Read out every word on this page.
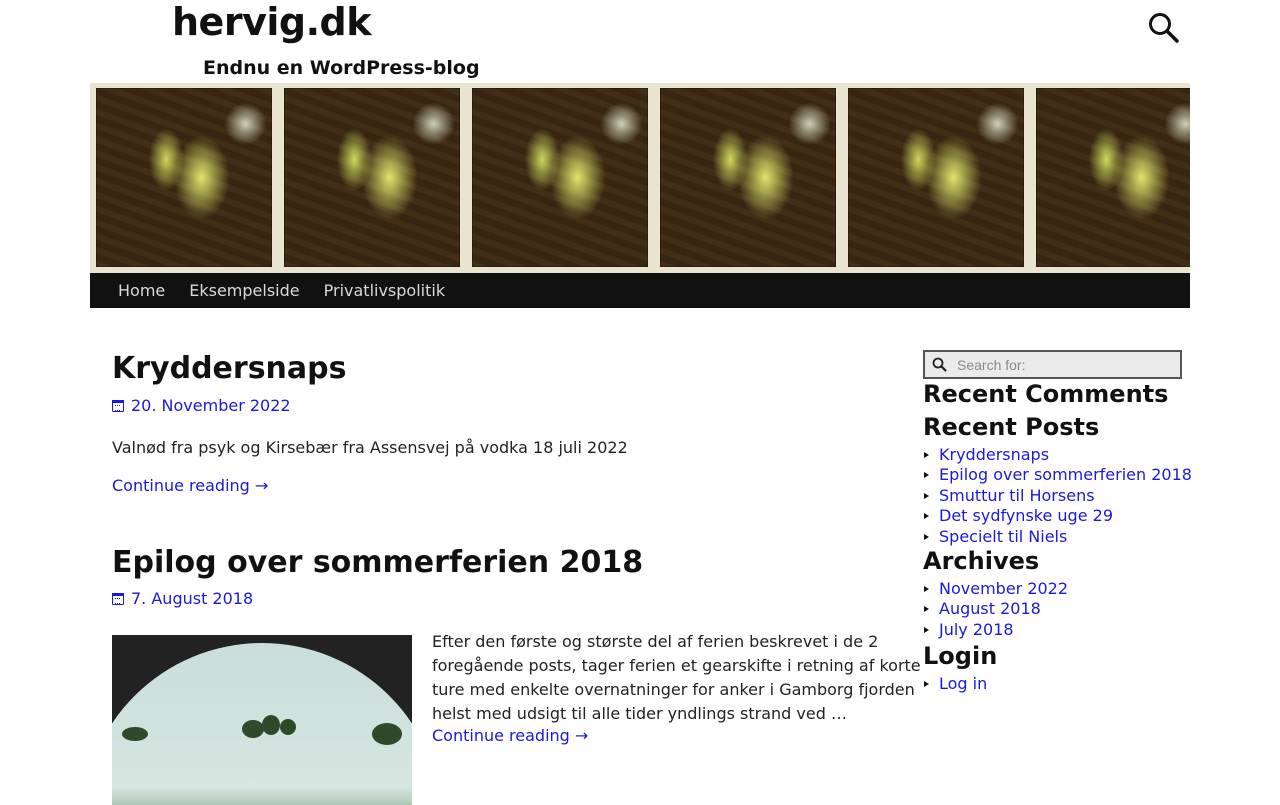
hervig.dk
Endnu en WordPress-blog
Home Eksempelside Privatlivspolitik
Kryddersnaps
20. November 2022
Valnød fra psyk og Kirsebær fra Assensvej på vodka 18 juli 2022
Continue reading →
Epilog over sommerferien 2018
7. August 2018
Efter den første og største del af ferien beskrevet i de 2
foregående posts, tager ferien et gearskifte i retning af korte
ture med enkelte overnatninger for anker i Gamborg fjorden
helst med udsigt til alle tider yndlings strand ved …
Continue reading →
Search for:
Recent Comments
Recent Posts
Kryddersnaps
Epilog over sommerferien 2018
Smuttur til Horsens
Det sydfynske uge 29
Specielt til Niels
Archives
November 2022
August 2018
July 2018
Login
Log in
